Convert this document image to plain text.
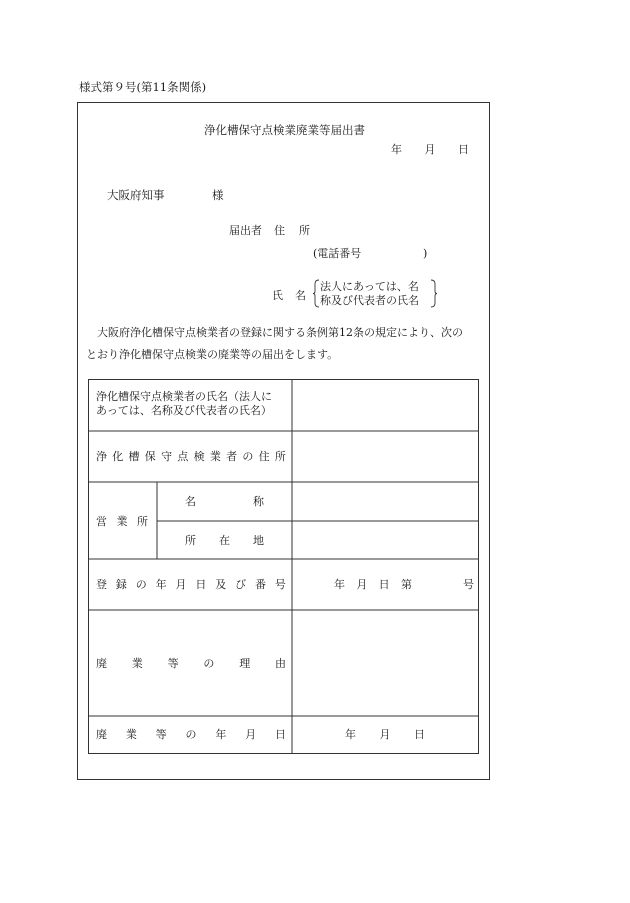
様式第９号(第11条関係)
浄化槽保守点検業廃業等届出書
年 月 日
大阪府知事	様
届出者 住 所
(電話番号	)
氏 名
法人にあっては、名
称及び代表者の氏名
大阪府浄化槽保守点検業者の登録に関する条例第12条の規定により、次の
とおり浄化槽保守点検業の廃業等の届出をします。
浄化槽保守点検業者の氏名（法人に
あっては、名称及び代表者の氏名）
浄 化 槽 保 守 点 検 業 者 の 住 所
営 業 所
名	称
所 在 地
登 録 の 年 月 日 及 び 番 号	年 月 日 第	号
廃 業 等 の 理 由
廃 業 等 の 年 月 日	年 月 日
